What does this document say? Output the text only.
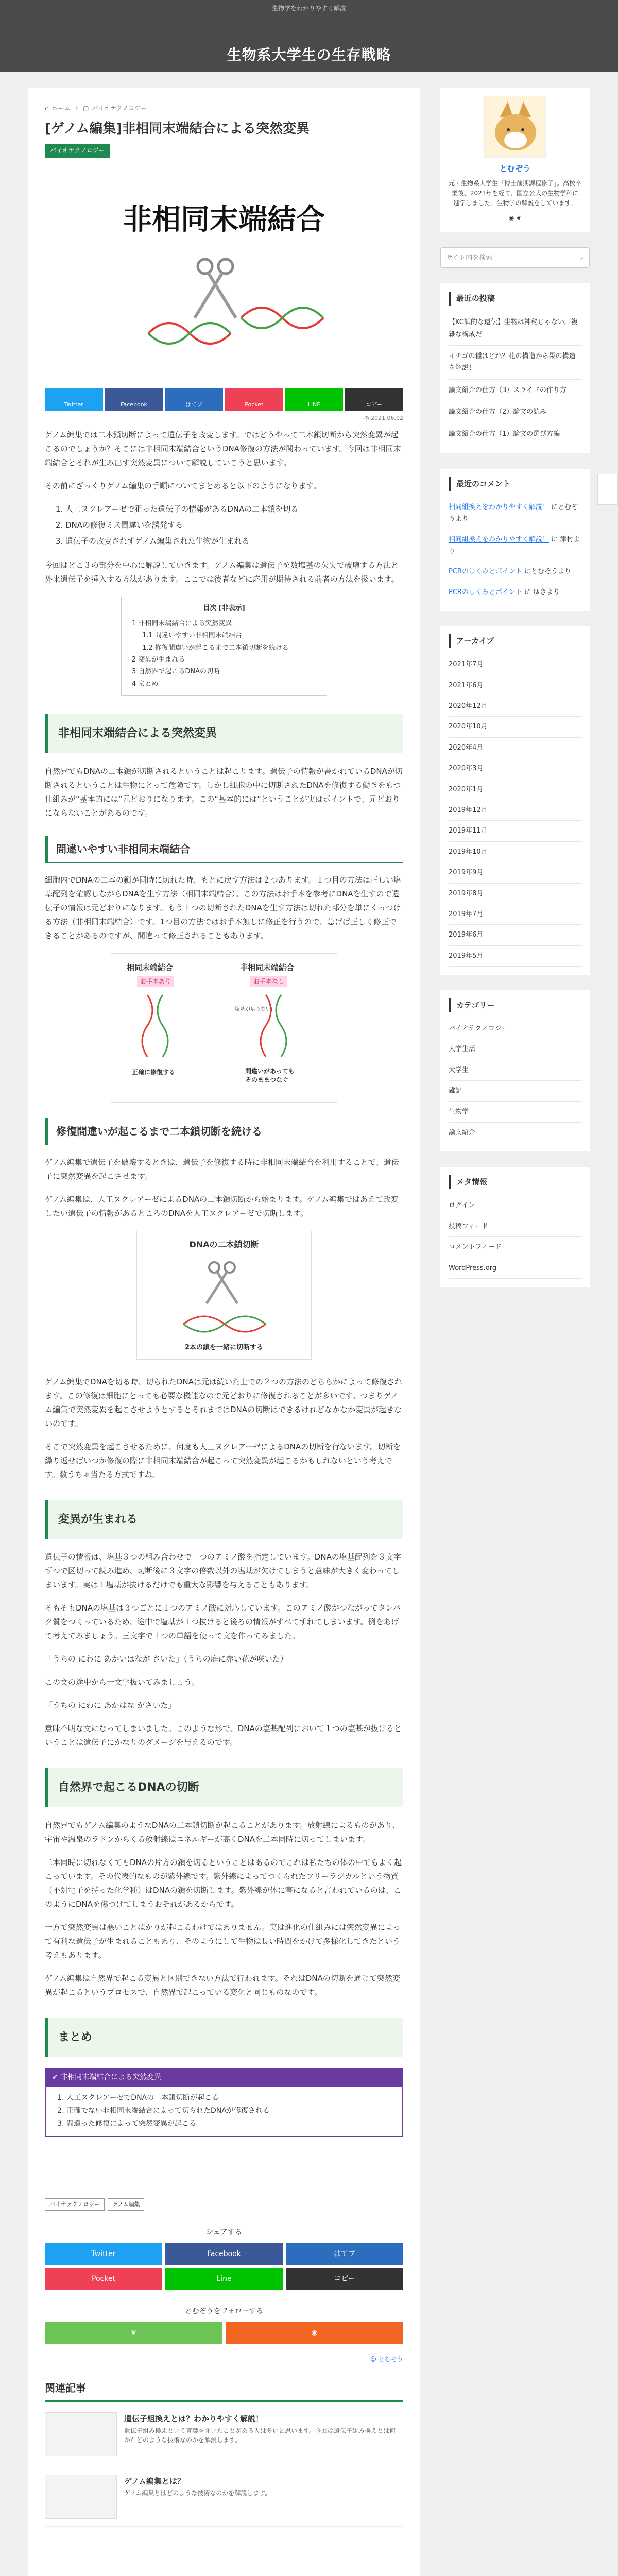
生物学をわかりやすく解説
生物系大学生の生存戦略
⌂ ホーム › ▢ バイオテクノロジー
[ゲノム編集]非相同末端結合による突然変異
バイオテクノロジー
非相同末端結合
Twitter	Facebook	はてブ	Pocket	LINE	コピー
◷ 2021.06.02

ゲノム編集では二本鎖切断によって遺伝子を改変します。ではどうやって二本鎖切断から突然変異が起こるのでしょうか？そこには非相同末端結合というDNA修復の方法が関わっています。今回は非相同末端結合とそれが生み出す突然変異について解説していこうと思います。

その前にざっくりゲノム編集の手順についてまとめると以下のようになります。

1. 人工ヌクレアーゼで狙った遺伝子の情報があるDNAの二本鎖を切る
2. DNAの修復ミス間違いを誘発する
3. 遺伝子の改変されずゲノム編集された生物が生まれる

今回はどこ３の部分を中心に解説していきます。ゲノム編集は遺伝子を数塩基の欠失で破壊する方法と外来遺伝子を挿入する方法があります。ここでは後者などに応用が期待される前者の方法を扱います。

目次 [非表示]
1 非相同末端結合による突然変異
1.1 間違いやすい非相同末端結合
1.2 修復間違いが起こるまで二本鎖切断を続ける
2 変異が生まれる
3 自然界で起こるDNAの切断
4 まとめ
非相同末端結合による突然変異

自然界でもDNAの二本鎖が切断されるということは起こります。遺伝子の情報が書かれているDNAが切断されるということは生物にとって危険です。しかし細胞の中に切断されたDNAを修復する働きをもつ仕組みが“基本的には”元どおりになります。この“基本的には”ということが実はポイントで、元どおりにならないことがあるのです。

間違いやすい非相同末端結合

細胞内でDNAの二本の鎖が同時に切れた時、もとに戻す方法は２つあります。１つ目の方法は正しい塩基配列を確認しながらDNAを生す方法（相同末端結合）。この方法はお手本を参考にDNAを生すので遺伝子の情報は元どおりになります。もう１つの切断されたDNAを生す方法は切れた部分を単にくっつける方法（非相同末端結合）です。1つ目の方法ではお手本無しに修正を行うので、急げば正しく修正できることがあるのですが、間違って修正されることもあります。

相同末端結合	非相同末端結合
お手本あり	お手本なし
塩基が足りない!
正確に修復する	間違いがあっても
そのままつなぐ
修復間違いが起こるまで二本鎖切断を続ける

ゲノム編集で遺伝子を破壊するときは、遺伝子を修復する時に非相同末端結合を利用することで、遺伝子に突然変異を起こさせます。

ゲノム編集は、人工ヌクレアーゼによるDNAの二本鎖切断から始まります。ゲノム編集ではあえて改変したい遺伝子の情報があるところのDNAを人工ヌクレアーゼで切断します。

DNAの二本鎖切断
2本の鎖を一緒に切断する

ゲノム編集でDNAを切る時、切られたDNAは元は続いた上での２つの方法のどちらかによって修復されます。この修復は細胞にとっても必要な機能なので元どおりに修復されることが多いです。つまりゲノム編集で突然変異を起こさせようとするとそれまではDNAの切断はできるけれどなかなか変異が起きないのです。

そこで突然変異を起こさせるために、何度も人工ヌクレアーゼによるDNAの切断を行ないます。切断を繰り返せばいつか修復の際に非相同末端結合が起こって突然変異が起こるかもしれないという考えです。数うちゃ当たる方式ですね。

変異が生まれる

遺伝子の情報は、塩基３つの組み合わせで一つのアミノ酸を指定しています。DNAの塩基配列を３文字ずつで区切って読み進め、切断後に３文字の倍数以外の塩基が欠けてしまうと意味が大きく変わってしまいます。実は１塩基が抜けるだけでも重大な影響を与えることもあります。

そもそもDNAの塩基は３つごとに１つのアミノ酸に対応しています。このアミノ酸がつながってタンパク質をつくっているため、途中で塩基が１つ抜けると後ろの情報がすべてずれてしまいます。例をあげて考えてみましょう。三文字で１つの単語を使って文を作ってみました。

「うちの にわに あかいはなが さいた」（うちの庭に赤い花が咲いた）

この文の途中から一文字抜いてみましょう。

「うちの にわに あかはな がさいた」

意味不明な文になってしまいました。このような形で、DNAの塩基配列において１つの塩基が抜けるということは遺伝子にかなりのダメージを与えるのです。

自然界で起こるDNAの切断

自然界でもゲノム編集のようなDNAの二本鎖切断が起こることがあります。放射線によるものがあり、宇宙や温泉のラドンからくる放射線はエネルギーが高くDNAを二本同時に切ってしまいます。

二本同時に切れなくてもDNAの片方の鎖を切るということはあるのでこれは私たちの体の中でもよく起こっています。その代表的なものが紫外線です。紫外線によってつくられたフリーラジカルという物質（不対電子を持った化学種）はDNAの鎖を切断します。紫外線が体に害になると言われているのは、このようにDNAを傷つけてしまうおそれがあるからです。

一方で突然変異は悪いことばかりが起こるわけではありません。実は進化の仕組みには突然変異によって有利な遺伝子が生まれることもあり、そのようにして生物は長い時間をかけて多様化してきたという考えもあります。

ゲノム編集は自然界で起こる変異と区別できない方法で行われます。それはDNAの切断を通じて突然変異が起こるというプロセスで、自然界で起こっている変化と同じものなのです。

まとめ
✔ 非相同末端結合による突然変異
1. 人工ヌクレアーゼでDNAの二本鎖切断が起こる
2. 正確でない非相同末端結合によって切られたDNAが修復される
3. 間違った修復によって突然変異が起こる
バイオテクノロジー	ゲノム編集
シェアする
Twitter	Facebook	はてブ
Pocket	Line	コピー
とむぞうをフォローする
❦	◉
☺ とむぞう
関連記事
遺伝子組換えとは？わかりやすく解説！
遺伝子組み換えという言葉を聞いたことがある人は多いと思います。今回は遺伝子組み換えとは何か？どのような技術なのかを解説します。
ゲノム編集とは？
ゲノム編集とはどのような技術なのかを解説します。
とむぞう
元・生物系大学生「博士前期課程修了」。高校卒業後、2021年を経て、国立公大の生物学科に進学しました。生物学の解説をしています。
◉ ❦
サイト内を検索	⌕
最近の投稿
【KC試的な遺伝】生物は神秘じゃない。複雑な構成だ
イチゴの種はどれ？花の構造から果の構造を解説！
論文紹介の仕方（3）スライドの作り方
論文紹介の仕方（2）論文の読み
論文紹介の仕方（1）論文の選び方編
最近のコメント
相同組換えをわかりやすく解説！ にとむぞうより
相同組換えをわかりやすく解説！ に 津村より
PCRのしくみとポイント にとむぞうより
PCRのしくみとポイント に ゆきより
アーカイブ
2021年7月
2021年6月
2020年12月
2020年10月
2020年4月
2020年3月
2020年1月
2019年12月
2019年11月
2019年10月
2019年9月
2019年8月
2019年7月
2019年6月
2019年5月
カテゴリー
バイオテクノロジー
大学生活
大学生
雑記
生物学
論文紹介
メタ情報
ログイン
投稿フィード
コメントフィード
WordPress.org
